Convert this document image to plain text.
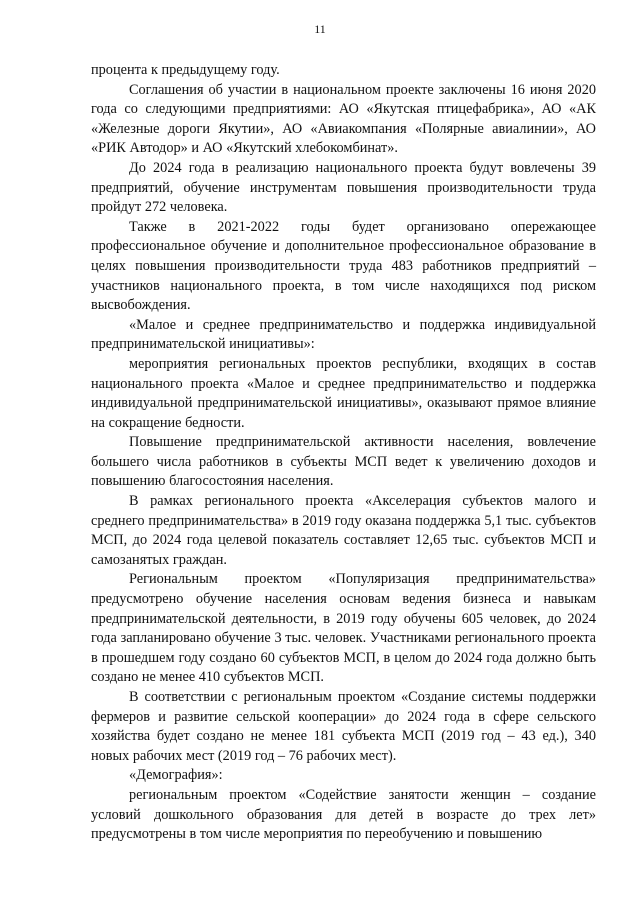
11

процента к предыдущему году.

Соглашения об участии в национальном проекте заключены 16 июня 2020 года со следующими предприятиями: АО «Якутская птицефабрика», АО «АК «Железные дороги Якутии», АО «Авиакомпания «Полярные авиалинии», АО «РИК Автодор» и АО «Якутский хлебокомбинат».

До 2024 года в реализацию национального проекта будут вовлечены 39 предприятий, обучение инструментам повышения производительности труда пройдут 272 человека.

Также в 2021-2022 годы будет организовано опережающее профессиональное обучение и дополнительное профессиональное образование в целях повышения производительности труда 483 работников предприятий – участников национального проекта, в том числе находящихся под риском высвобождения.

«Малое и среднее предпринимательство и поддержка индивидуальной предпринимательской инициативы»:

мероприятия региональных проектов республики, входящих в состав национального проекта «Малое и среднее предпринимательство и поддержка индивидуальной предпринимательской инициативы», оказывают прямое влияние на сокращение бедности.

Повышение предпринимательской активности населения, вовлечение большего числа работников в субъекты МСП ведет к увеличению доходов и повышению благосостояния населения.

В рамках регионального проекта «Акселерация субъектов малого и среднего предпринимательства» в 2019 году оказана поддержка 5,1 тыс. субъектов МСП, до 2024 года целевой показатель составляет 12,65 тыс. субъектов МСП и самозанятых граждан.

Региональным проектом «Популяризация предпринимательства» предусмотрено обучение населения основам ведения бизнеса и навыкам предпринимательской деятельности, в 2019 году обучены 605 человек, до 2024 года запланировано обучение 3 тыс. человек. Участниками регионального проекта в прошедшем году создано 60 субъектов МСП, в целом до 2024 года должно быть создано не менее 410 субъектов МСП.

В соответствии с региональным проектом «Создание системы поддержки фермеров и развитие сельской кооперации» до 2024 года в сфере сельского хозяйства будет создано не менее 181 субъекта МСП (2019 год – 43 ед.), 340 новых рабочих мест (2019 год – 76 рабочих мест).

«Демография»:

региональным проектом «Содействие занятости женщин – создание условий дошкольного образования для детей в возрасте до трех лет» предусмотрены в том числе мероприятия по переобучению и повышению
